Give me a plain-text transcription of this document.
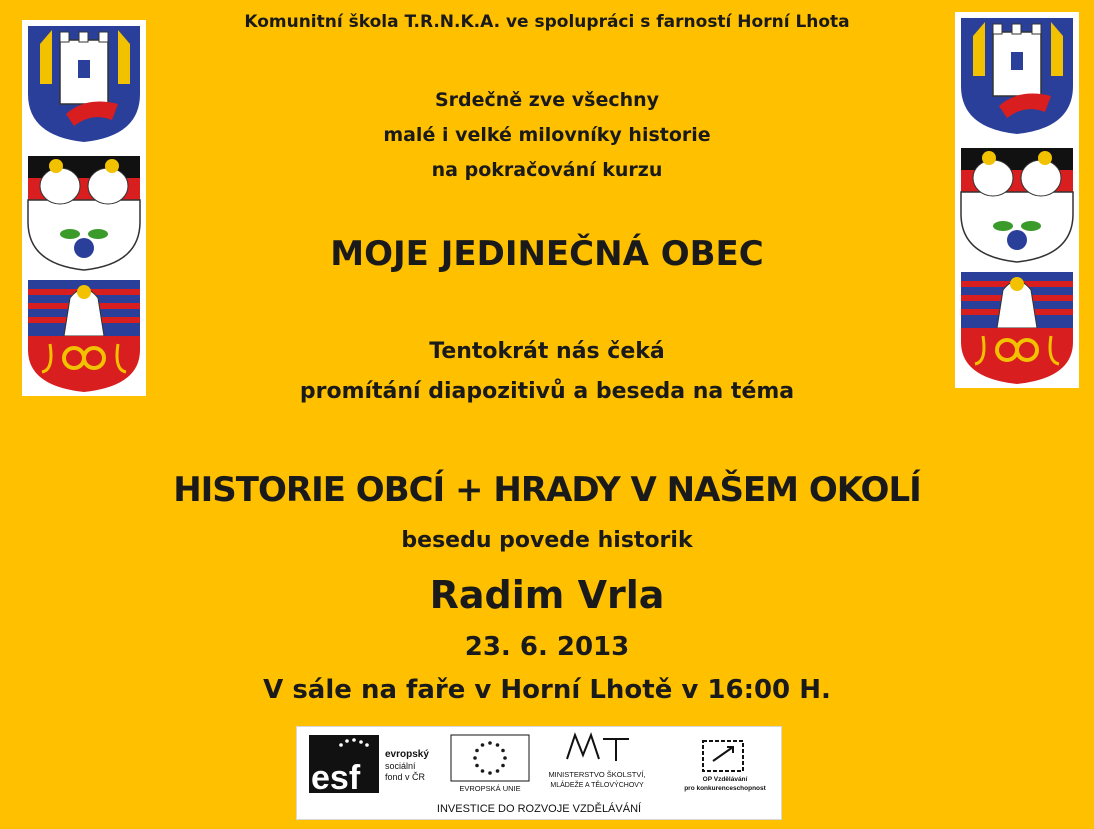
Komunitní škola T.R.N.K.A. ve spolupráci s farností Horní Lhota
Srdečně zve všechny
malé i velké milovníky historie
na pokračování kurzu
MOJE JEDINEČNÁ OBEC
Tentokrát nás čeká
promítání diapozitivů a beseda na téma
HISTORIE OBCÍ + HRADY V NAŠEM OKOLÍ
besedu povede historik
Radim Vrla
23. 6. 2013
V sále na faře v Horní Lhotě v 16:00 H.
esf
evropský
sociální
fond v ČR
EVROPSKÁ UNIE
MINISTERSTVO ŠKOLSTVÍ,
MLÁDEŽE A TĚLOVÝCHOVY
OP Vzdělávání
pro konkurenceschopnost
INVESTICE DO ROZVOJE VZDĚLÁVÁNÍ
